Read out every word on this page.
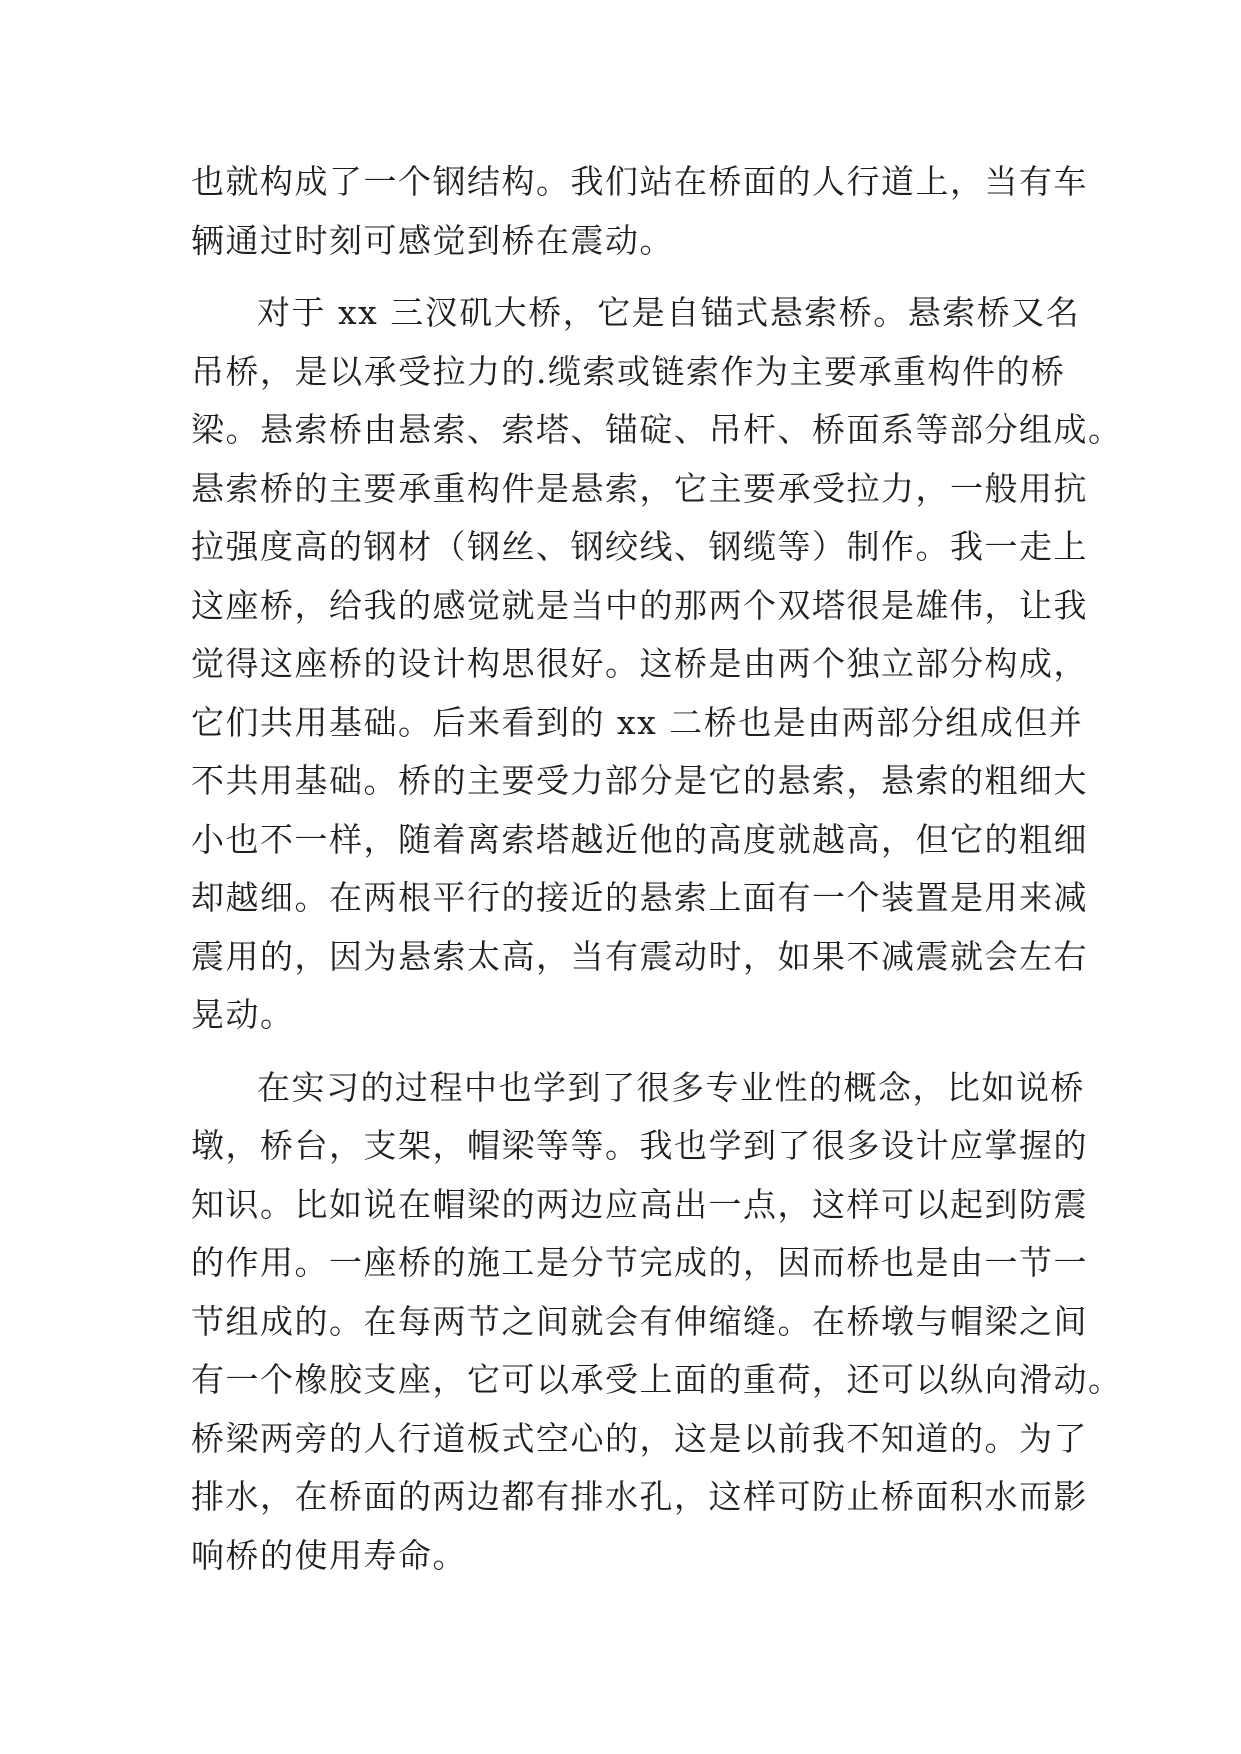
也就构成了一个钢结构。我们站在桥面的人行道上，当有车
辆通过时刻可感觉到桥在震动。
对于 xx 三汊矶大桥，它是自锚式悬索桥。悬索桥又名
吊桥，是以承受拉力的.缆索或链索作为主要承重构件的桥
梁。悬索桥由悬索、索塔、锚碇、吊杆、桥面系等部分组成。
悬索桥的主要承重构件是悬索，它主要承受拉力，一般用抗
拉强度高的钢材（钢丝、钢绞线、钢缆等）制作。我一走上
这座桥，给我的感觉就是当中的那两个双塔很是雄伟，让我
觉得这座桥的设计构思很好。这桥是由两个独立部分构成，
它们共用基础。后来看到的 xx 二桥也是由两部分组成但并
不共用基础。桥的主要受力部分是它的悬索，悬索的粗细大
小也不一样，随着离索塔越近他的高度就越高，但它的粗细
却越细。在两根平行的接近的悬索上面有一个装置是用来减
震用的，因为悬索太高，当有震动时，如果不减震就会左右
晃动。
在实习的过程中也学到了很多专业性的概念，比如说桥
墩，桥台，支架，帽梁等等。我也学到了很多设计应掌握的
知识。比如说在帽梁的两边应高出一点，这样可以起到防震
的作用。一座桥的施工是分节完成的，因而桥也是由一节一
节组成的。在每两节之间就会有伸缩缝。在桥墩与帽梁之间
有一个橡胶支座，它可以承受上面的重荷，还可以纵向滑动。
桥梁两旁的人行道板式空心的，这是以前我不知道的。为了
排水，在桥面的两边都有排水孔，这样可防止桥面积水而影
响桥的使用寿命。
